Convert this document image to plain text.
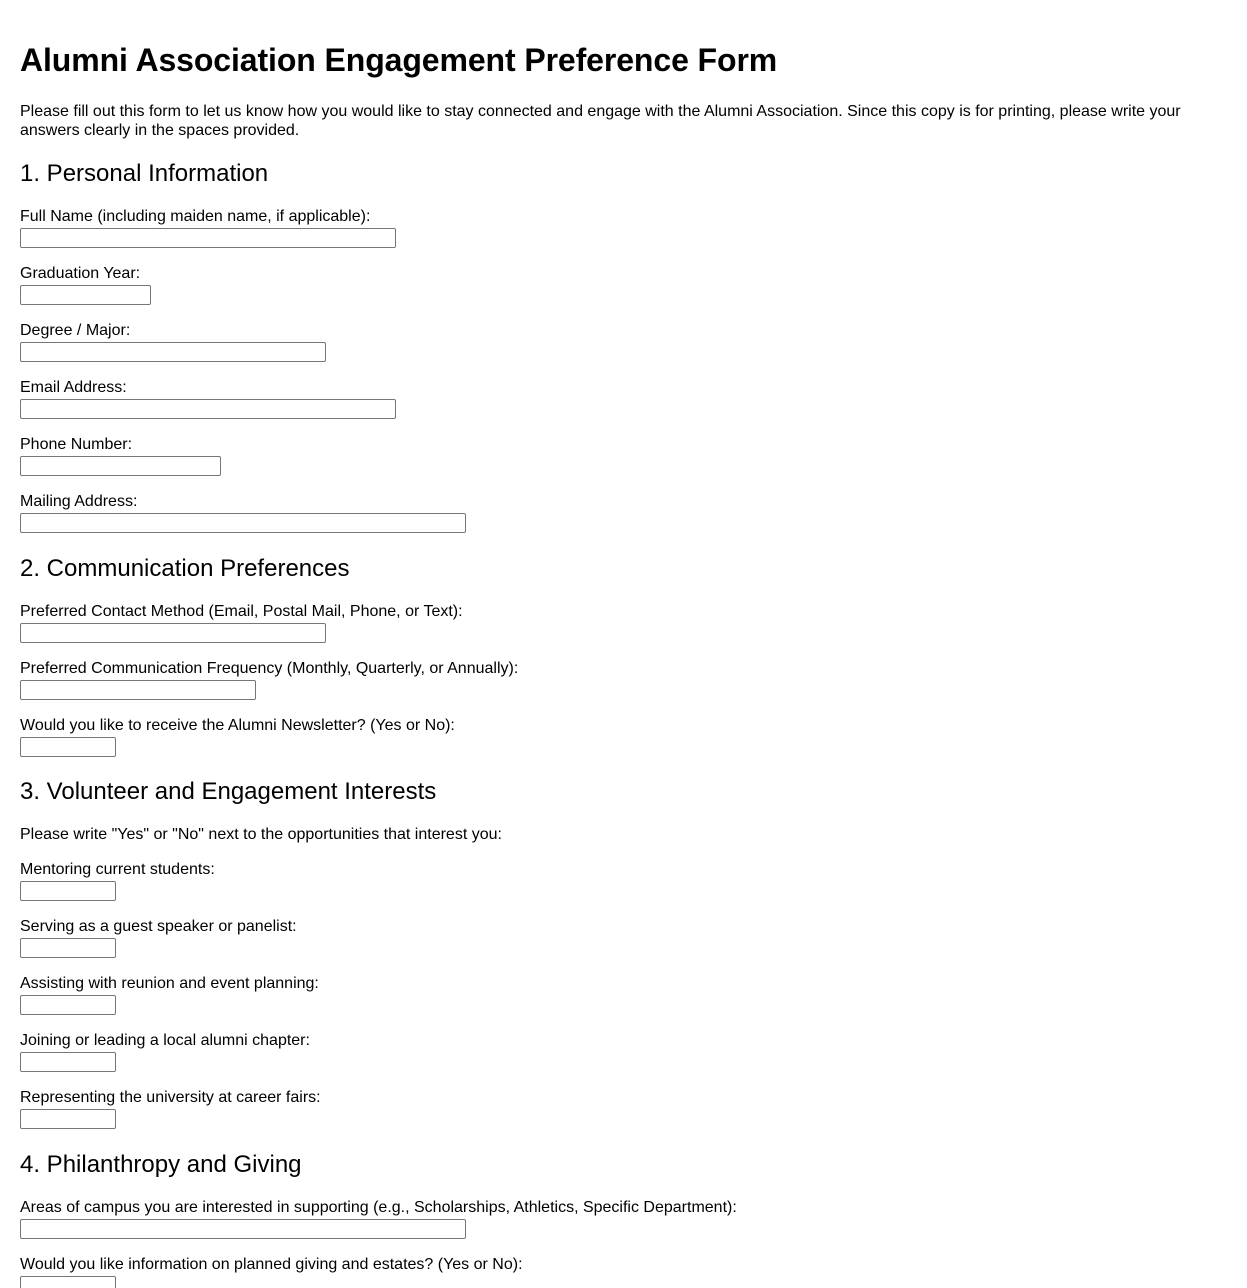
Alumni Association Engagement Preference Form

Please fill out this form to let us know how you would like to stay connected and engage with the Alumni Association. Since this copy is for printing, please write your answers clearly in the spaces provided.

1. Personal Information
Full Name (including maiden name, if applicable):
Graduation Year:
Degree / Major:
Email Address:
Phone Number:
Mailing Address:
2. Communication Preferences
Preferred Contact Method (Email, Postal Mail, Phone, or Text):
Preferred Communication Frequency (Monthly, Quarterly, or Annually):
Would you like to receive the Alumni Newsletter? (Yes or No):
3. Volunteer and Engagement Interests
Please write "Yes" or "No" next to the opportunities that interest you:
Mentoring current students:
Serving as a guest speaker or panelist:
Assisting with reunion and event planning:
Joining or leading a local alumni chapter:
Representing the university at career fairs:
4. Philanthropy and Giving
Areas of campus you are interested in supporting (e.g., Scholarships, Athletics, Specific Department):
Would you like information on planned giving and estates? (Yes or No):
